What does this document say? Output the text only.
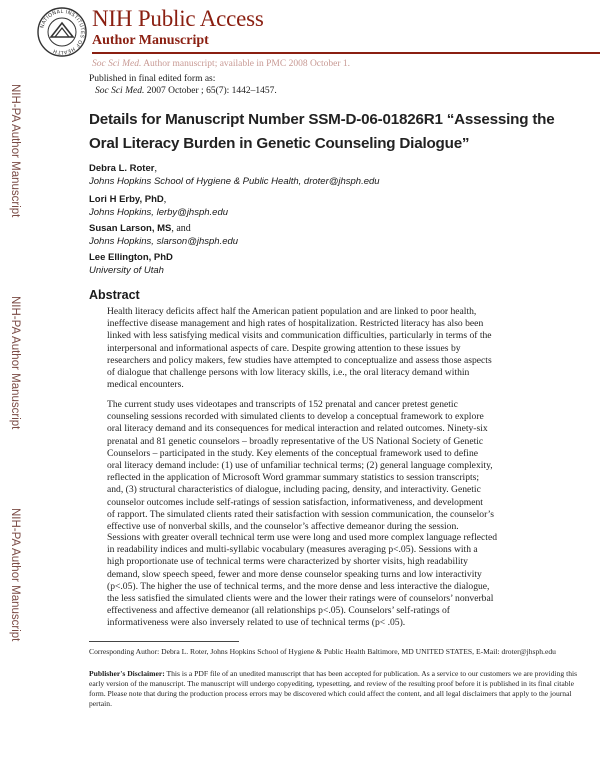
NATIONAL INSTITUTES OF HEALTH
NIH Public Access
Author Manuscript
Soc Sci Med. Author manuscript; available in PMC 2008 October 1.
Published in final edited form as:
Soc Sci Med. 2007 October ; 65(7): 1442–1457.
NIH-PA Author Manuscript
NIH-PA Author Manuscript
NIH-PA Author Manuscript
Details for Manuscript Number SSM-D-06-01826R1 “Assessing the
Oral Literacy Burden in Genetic Counseling Dialogue”
Debra L. Roter,
Johns Hopkins School of Hygiene & Public Health, droter@jhsph.edu
Lori H Erby, PhD,
Johns Hopkins, lerby@jhsph.edu
Susan Larson, MS, and
Johns Hopkins, slarson@jhsph.edu
Lee Ellington, PhD
University of Utah
Abstract
Health literacy deficits affect half the American patient population and are linked to poor health,
ineffective disease management and high rates of hospitalization. Restricted literacy has also been
linked with less satisfying medical visits and communication difficulties, particularly in terms of the
interpersonal and informational aspects of care. Despite growing attention to these issues by
researchers and policy makers, few studies have attempted to conceptualize and assess those aspects
of dialogue that challenge persons with low literacy skills, i.e., the oral literacy demand within
medical encounters.
The current study uses videotapes and transcripts of 152 prenatal and cancer pretest genetic
counseling sessions recorded with simulated clients to develop a conceptual framework to explore
oral literacy demand and its consequences for medical interaction and related outcomes. Ninety-six
prenatal and 81 genetic counselors – broadly representative of the US National Society of Genetic
Counselors – participated in the study. Key elements of the conceptual framework used to define
oral literacy demand include: (1) use of unfamiliar technical terms; (2) general language complexity,
reflected in the application of Microsoft Word grammar summary statistics to session transcripts;
and, (3) structural characteristics of dialogue, including pacing, density, and interactivity. Genetic
counselor outcomes include self-ratings of session satisfaction, informativeness, and development
of rapport. The simulated clients rated their satisfaction with session communication, the counselor’s
effective use of nonverbal skills, and the counselor’s affective demeanor during the session.
Sessions with greater overall technical term use were long and used more complex language reflected
in readability indices and multi-syllabic vocabulary (measures averaging p<.05). Sessions with a
high proportionate use of technical terms were characterized by shorter visits, high readability
demand, slow speech speed, fewer and more dense counselor speaking turns and low interactivity
(p<.05). The higher the use of technical terms, and the more dense and less interactive the dialogue,
the less satisfied the simulated clients were and the lower their ratings were of counselors’ nonverbal
effectiveness and affective demeanor (all relationships p<.05). Counselors’ self-ratings of
informativeness were also inversely related to use of technical terms (p< .05).
Corresponding Author: Debra L. Roter, Johns Hopkins School of Hygiene & Public Health Baltimore, MD UNITED STATES, E-Mail: droter@jhsph.edu
Publisher's Disclaimer: This is a PDF file of an unedited manuscript that has been accepted for publication. As a service to our customers we are providing this early version of the manuscript. The manuscript will undergo copyediting, typesetting, and review of the resulting proof before it is published in its final citable form. Please note that during the production process errors may be discovered which could affect the content, and all legal disclaimers that apply to the journal pertain.
